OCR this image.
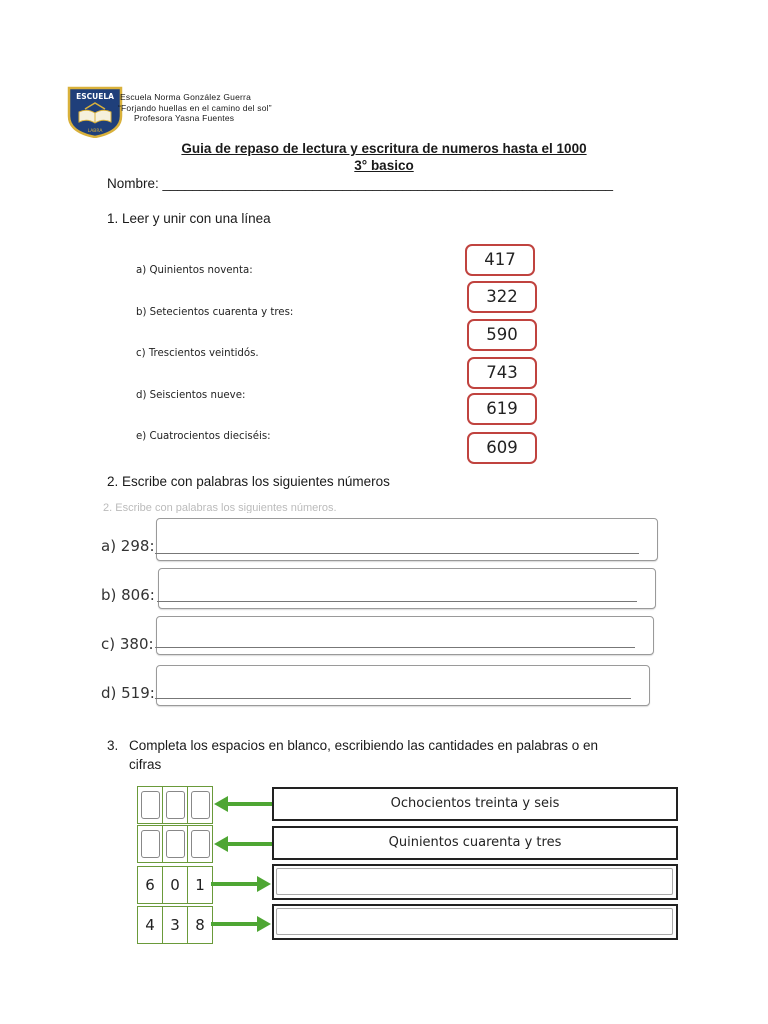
ESCUELA
LABRA
Escuela Norma González Guerra
“Forjando huellas en el camino del sol”
Profesora Yasna Fuentes
Guia de repaso de lectura y escritura de numeros hasta el 1000
3° basico
Nombre: ____________________________________________________________
1. Leer y unir con una línea
a) Quinientos noventa:
b) Setecientos cuarenta y tres:
c) Trescientos veintidós.
d) Seiscientos nueve:
e) Cuatrocientos dieciséis:
417
322
590
743
619
609
2. Escribe con palabras los siguientes números
2. Escribe con palabras los siguientes números.
a) 298:
b) 806:
c) 380:
d) 519:
3. Completa los espacios en blanco, escribiendo las cantidades en palabras o en
cifras
Ochocientos treinta y seis
Quinientos cuarenta y tres
6	0	1
4	3	8
